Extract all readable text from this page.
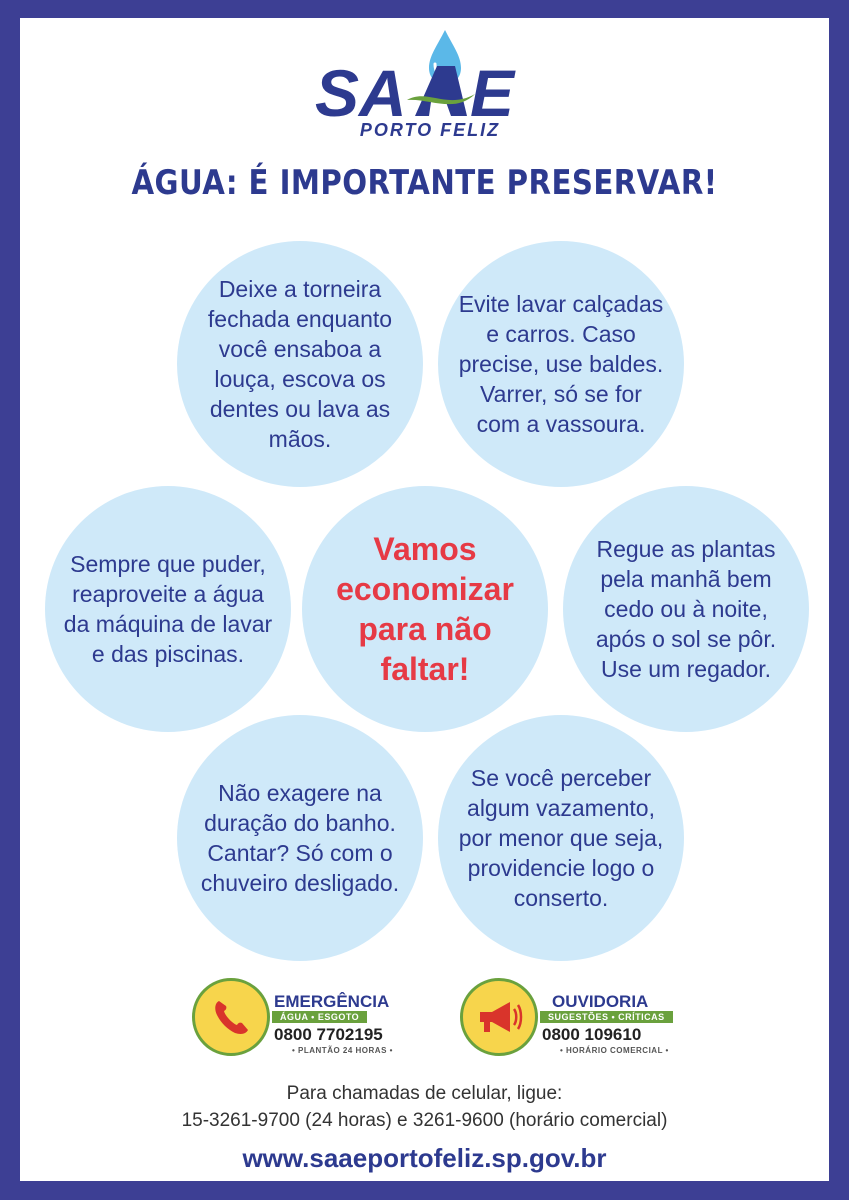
SA E
PORTO FELIZ
ÁGUA: É IMPORTANTE PRESERVAR!
Deixe a torneira fechada enquanto você ensaboa a louça, escova os dentes ou lava as mãos.
Evite lavar calçadas e carros. Caso precise, use baldes. Varrer, só se for com a vassoura.
Sempre que puder, reaproveite a água da máquina de lavar e das piscinas.
Vamos economizar para não faltar!
Regue as plantas pela manhã bem cedo ou à noite, após o sol se pôr. Use um regador.
Não exagere na duração do banho. Cantar? Só com o chuveiro desligado.
Se você perceber algum vazamento, por menor que seja, providencie logo o conserto.
EMERGÊNCIA
ÁGUA • ESGOTO
0800 7702195
• PLANTÃO 24 HORAS •
OUVIDORIA
SUGESTÕES • CRÍTICAS
0800 109610
• HORÁRIO COMERCIAL •
Para chamadas de celular, ligue:
15-3261-9700 (24 horas) e 3261-9600 (horário comercial)
www.saaeportofeliz.sp.gov.br
